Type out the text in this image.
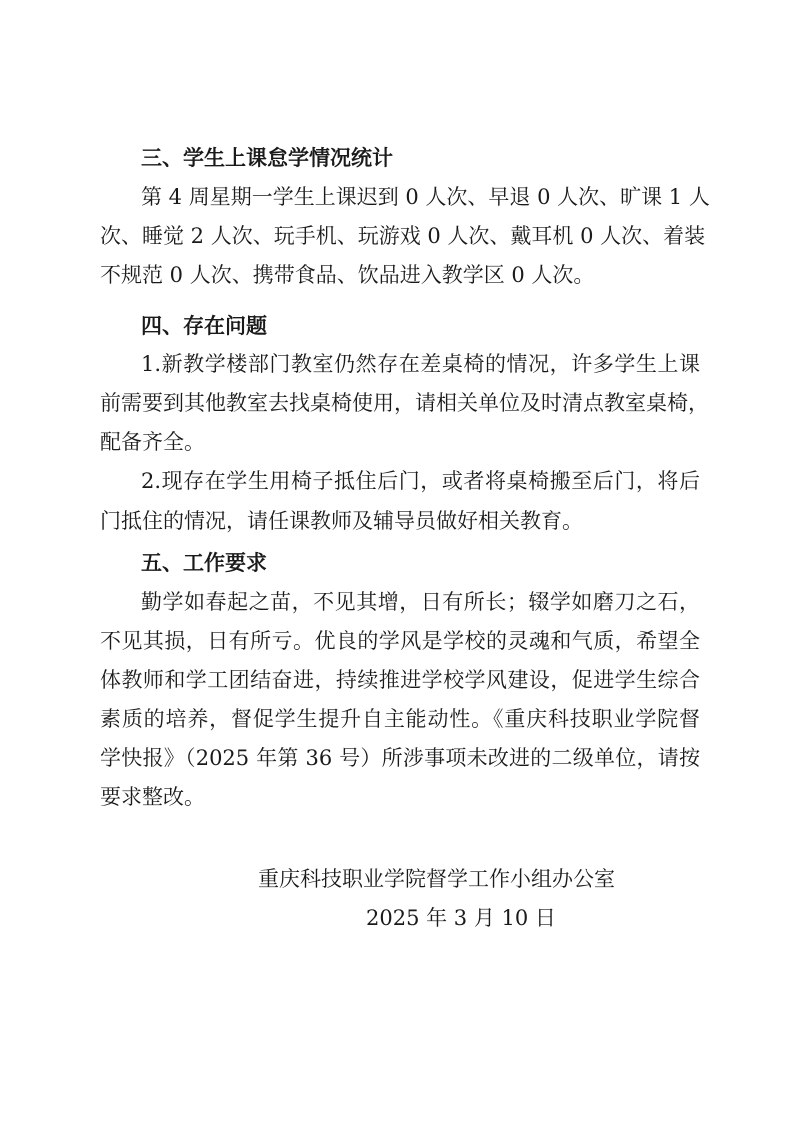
三、学生上课怠学情况统计
第 4 周星期一学生上课迟到 0 人次、早退 0 人次、旷课 1 人
次、睡觉 2 人次、玩手机、玩游戏 0 人次、戴耳机 0 人次、着装
不规范 0 人次、携带食品、饮品进入教学区 0 人次。
四、存在问题
1.新教学楼部门教室仍然存在差桌椅的情况，许多学生上课
前需要到其他教室去找桌椅使用，请相关单位及时清点教室桌椅，
配备齐全。
2.现存在学生用椅子抵住后门，或者将桌椅搬至后门，将后
门抵住的情况，请任课教师及辅导员做好相关教育。
五、工作要求
勤学如春起之苗，不见其增，日有所长；辍学如磨刀之石，
不见其损，日有所亏。优良的学风是学校的灵魂和气质，希望全
体教师和学工团结奋进，持续推进学校学风建设，促进学生综合
素质的培养，督促学生提升自主能动性。《重庆科技职业学院督
学快报》（2025 年第 36 号）所涉事项未改进的二级单位，请按
要求整改。
重庆科技职业学院督学工作小组办公室
2025 年 3 月 10 日
